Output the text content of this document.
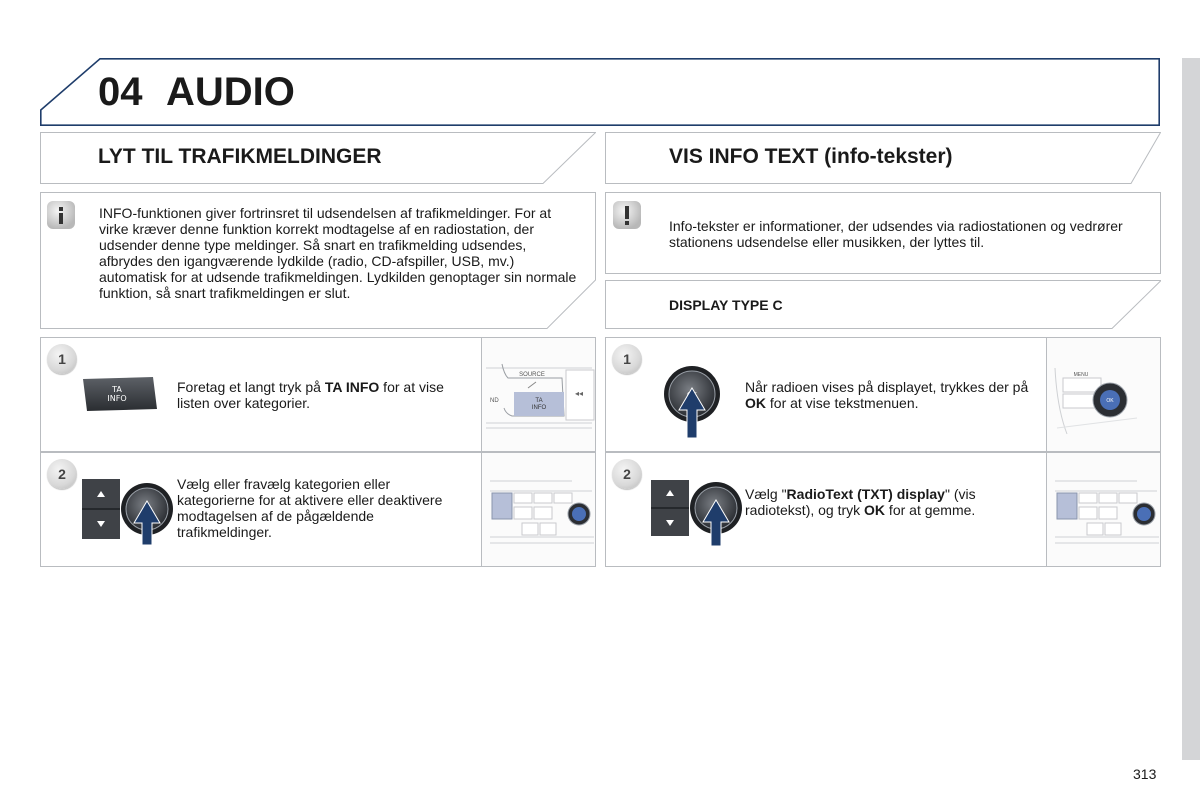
04 AUDIO
LYT TIL TRAFIKMELDINGER
INFO-funktionen giver fortrinsret til udsendelsen af trafikmeldinger. For at virke kræver denne funktion korrekt modtagelse af en radiostation, der udsender denne type meldinger. Så snart en trafikmelding udsendes, afbrydes den igangværende lydkilde (radio, CD-afspiller, USB, mv.) automatisk for at udsende trafikmeldingen. Lydkilden genoptager sin normale funktion, så snart trafikmeldingen er slut.
1
TA
INFO
Foretag et langt tryk på TA INFO for at vise listen over kategorier.	TA
INFO
SOURCE
ND
◂◂
2
Vælg eller fravælg kategorien eller kategorierne for at aktivere eller deaktivere modtagelsen af de pågældende trafikmeldinger.
VIS INFO TEXT (info-tekster)
Info-tekster er informationer, der udsendes via radiostationen og vedrører stationens udsendelse eller musikken, der lyttes til.
DISPLAY TYPE C
1
Når radioen vises på displayet, trykkes der på OK for at vise tekstmenuen.
MENU
OK
2
Vælg "RadioText (TXT) display" (vis radiotekst), og tryk OK for at gemme.
313
